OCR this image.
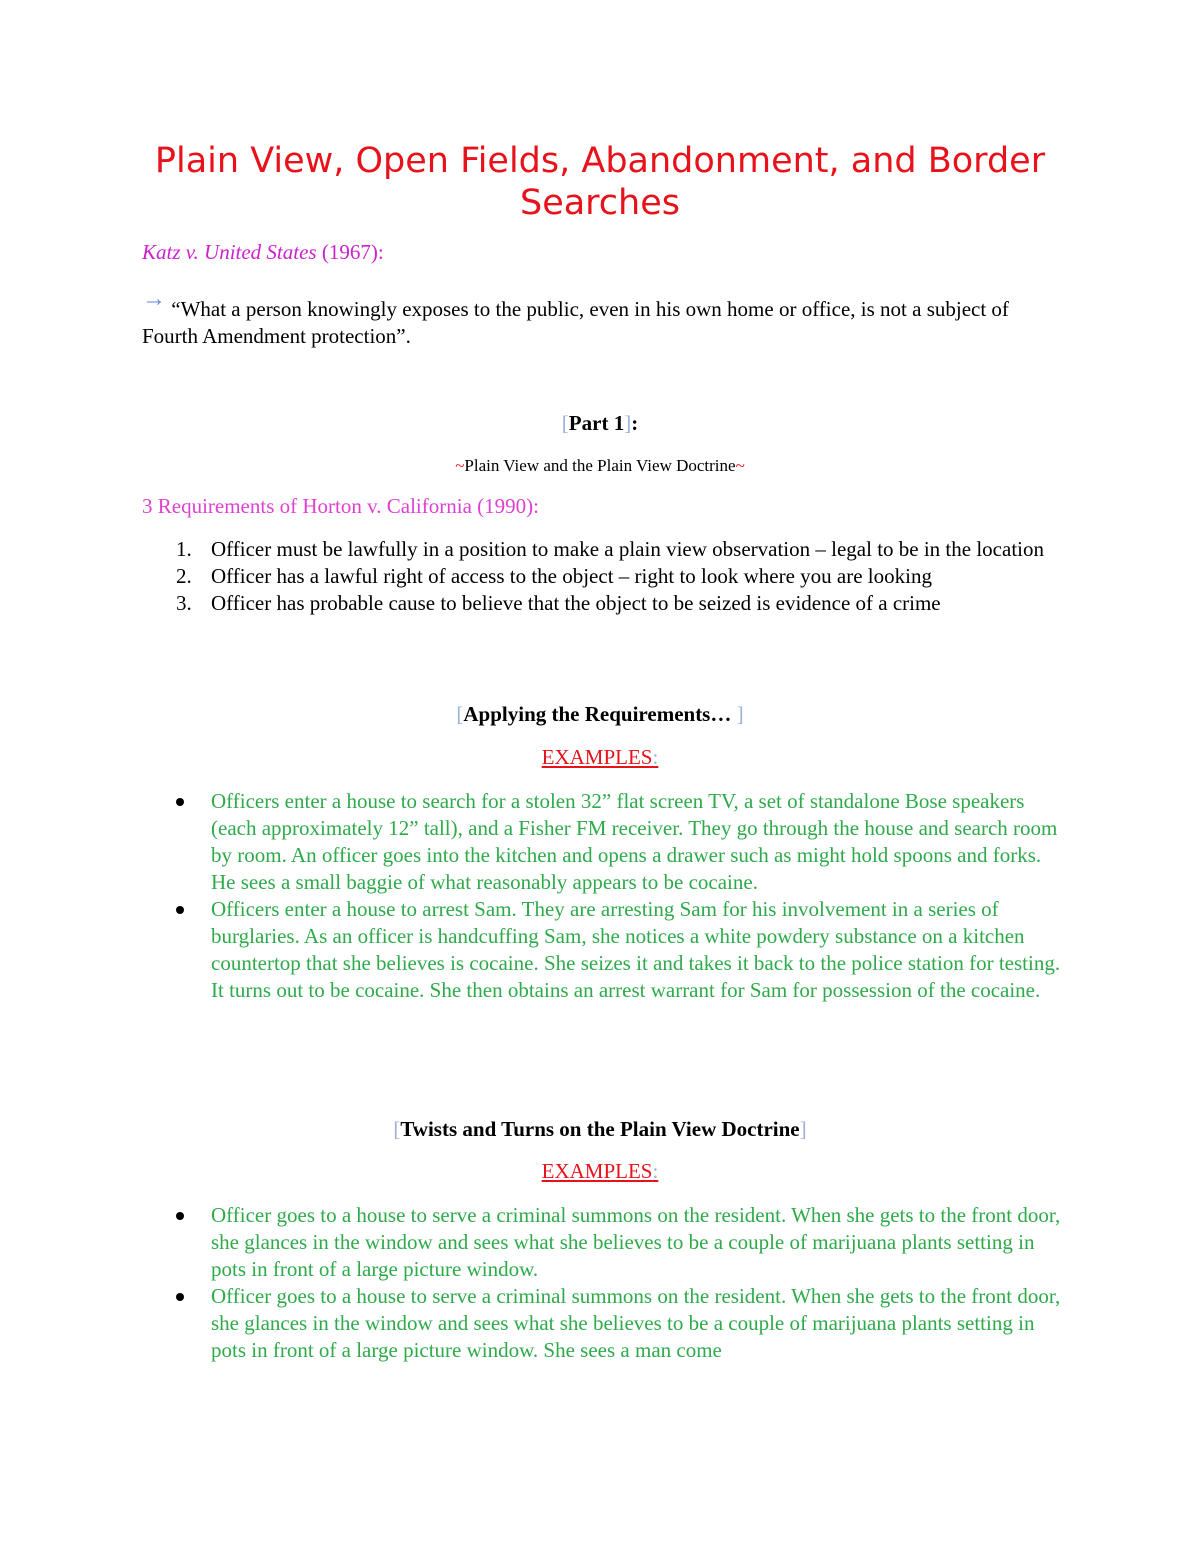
Plain View, Open Fields, Abandonment, and Border Searches
Katz v. United States (1967):
→ “What a person knowingly exposes to the public, even in his own home or office, is not a subject of Fourth Amendment protection”.
[Part 1]:
~Plain View and the Plain View Doctrine~
3 Requirements of Horton v. California (1990):
1. Officer must be lawfully in a position to make a plain view observation – legal to be in the location
2. Officer has a lawful right of access to the object – right to look where you are looking
3. Officer has probable cause to believe that the object to be seized is evidence of a crime
[Applying the Requirements… ]
EXAMPLES:
Officers enter a house to search for a stolen 32” flat screen TV, a set of standalone Bose speakers (each approximately 12” tall), and a Fisher FM receiver. They go through the house and search room by room. An officer goes into the kitchen and opens a drawer such as might hold spoons and forks. He sees a small baggie of what reasonably appears to be cocaine.
Officers enter a house to arrest Sam. They are arresting Sam for his involvement in a series of burglaries. As an officer is handcuffing Sam, she notices a white powdery substance on a kitchen countertop that she believes is cocaine. She seizes it and takes it back to the police station for testing. It turns out to be cocaine. She then obtains an arrest warrant for Sam for possession of the cocaine.
[Twists and Turns on the Plain View Doctrine]
EXAMPLES:
Officer goes to a house to serve a criminal summons on the resident. When she gets to the front door, she glances in the window and sees what she believes to be a couple of marijuana plants setting in pots in front of a large picture window.
Officer goes to a house to serve a criminal summons on the resident. When she gets to the front door, she glances in the window and sees what she believes to be a couple of marijuana plants setting in pots in front of a large picture window. She sees a man come
